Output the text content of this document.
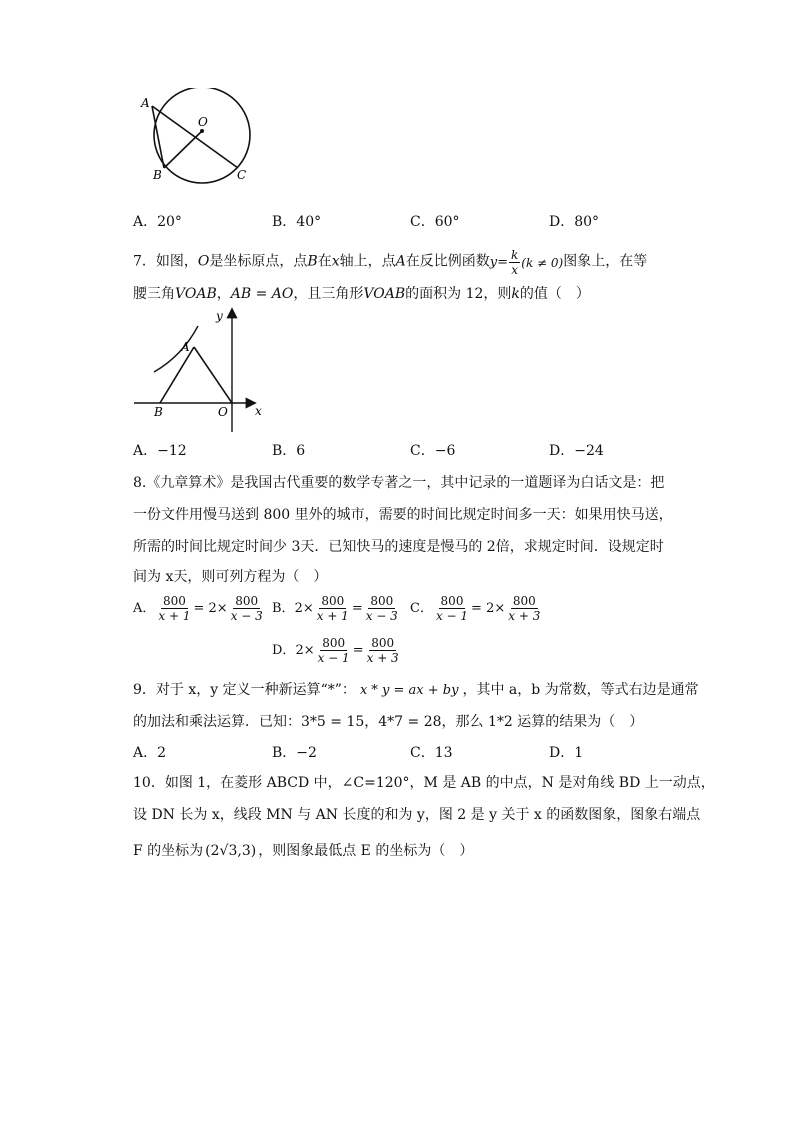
A
O
B	C
A．20°	B．40°	C．60°	D．80°
7．如图，O是坐标原点，点B在x轴上，点A在反比例函数 $y = \frac{k}{x} (k \ne 0)$ 图象上，在等
腰三角VOAB，AB = AO，且三角形VOAB的面积为 12，则k的值（　）
y
A
B	O x
A．−12	B．6	C．−6	D．−24
8.《九章算术》是我国古代重要的数学专著之一，其中记录的一道题译为白话文是：把
一份文件用慢马送到 800 里外的城市，需要的时间比规定时间多一天：如果用快马送，
所需的时间比规定时间少 3天．已知快马的速度是慢马的 2倍，求规定时间．设规定时
间为 x天，则可列方程为（　）
A． $\frac{800}{x + 1} = 2\times \frac{800}{x - 3}$ B． $2\times \frac{800}{x + 1} = \frac{800}{x - 3}$ C． $\frac{800}{x - 1} = 2\times \frac{800}{x + 3}$
D． $2\times \frac{800}{x - 1} = \frac{800}{x + 3}$
9．对于 x，y 定义一种新运算“*”： x * y = ax + by ，其中 a，b 为常数，等式右边是通常
的加法和乘法运算．已知：3*5 = 15，4*7 = 28，那么 1*2 运算的结果为（　）
A．2	B．−2	C．13	D．1
10．如图 1，在菱形 ABCD 中，∠C=120°，M 是 AB 的中点，N 是对角线 BD 上一动点，
设 DN 长为 x，线段 MN 与 AN 长度的和为 y，图 2 是 y 关于 x 的函数图象，图象右端点
F 的坐标为 (2√3,3) ，则图象最低点 E 的坐标为（　）
